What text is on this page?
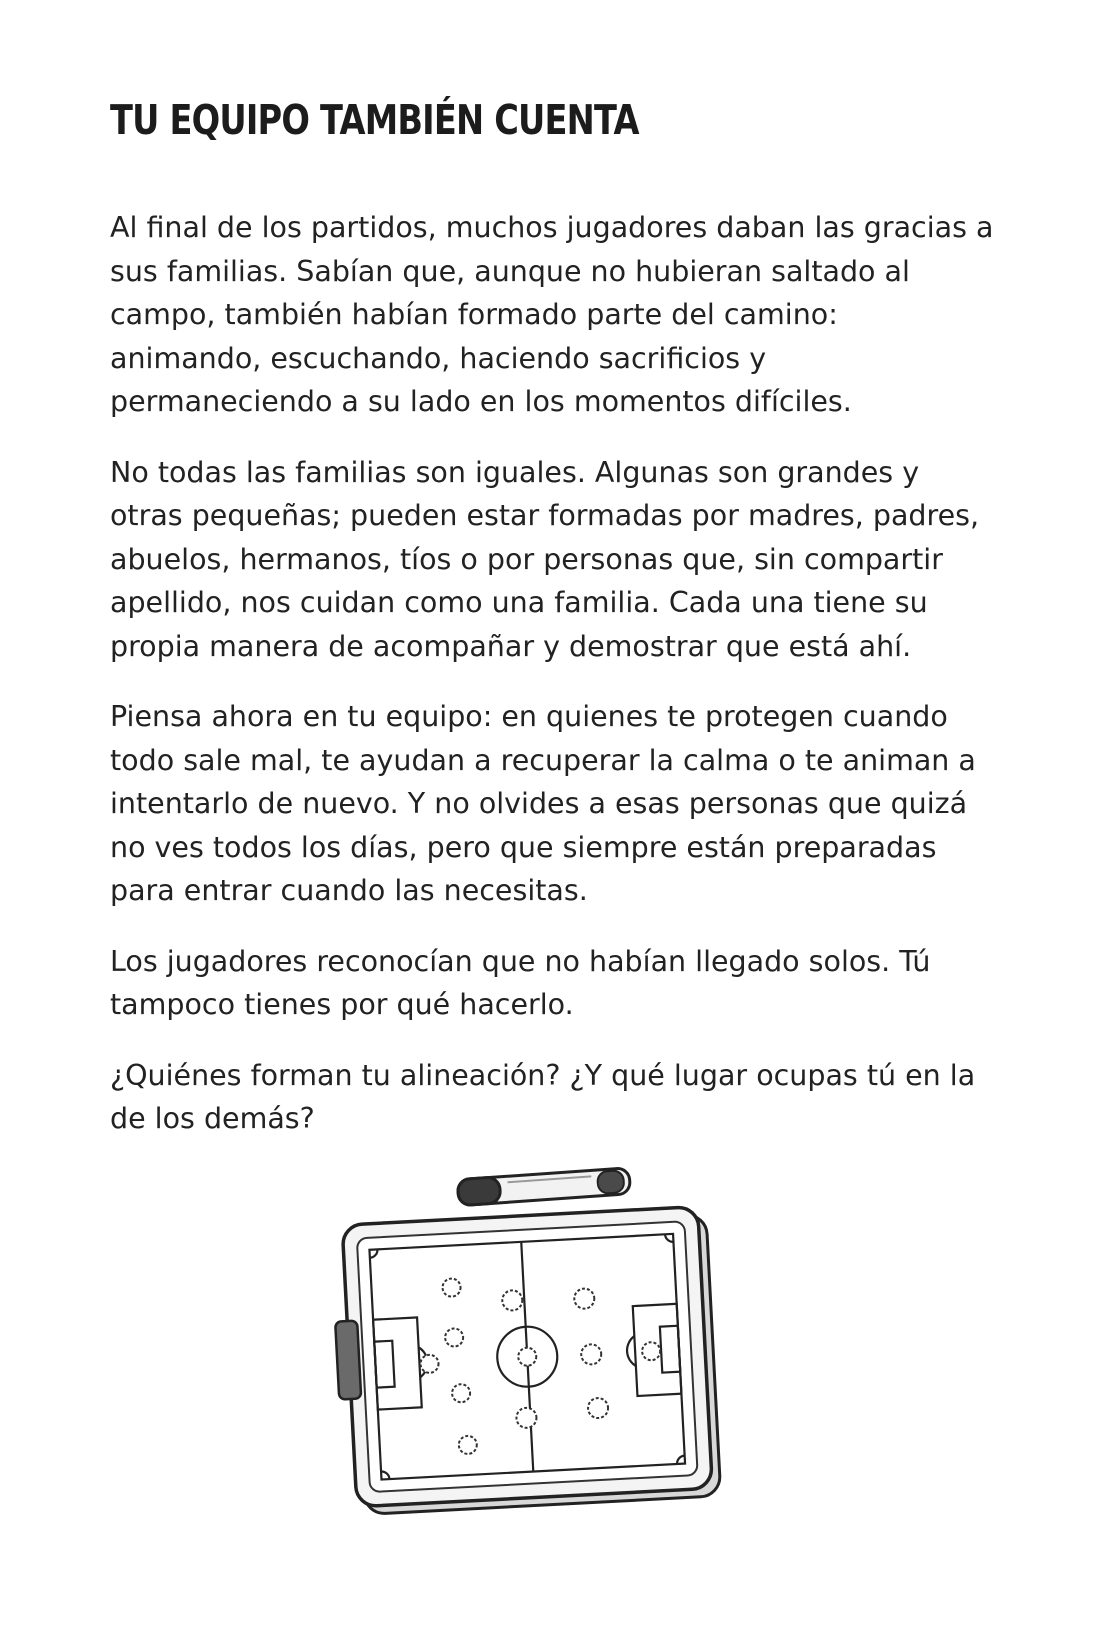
TU EQUIPO TAMBIÉN CUENTA

Al final de los partidos, muchos jugadores daban las gracias a sus familias. Sabían que, aunque no hubieran saltado al campo, también habían formado parte del camino: animando, escuchando, haciendo sacrificios y permaneciendo a su lado en los momentos difíciles.

No todas las familias son iguales. Algunas son grandes y otras pequeñas; pueden estar formadas por madres, padres, abuelos, hermanos, tíos o por personas que, sin compartir apellido, nos cuidan como una familia. Cada una tiene su propia manera de acompañar y demostrar que está ahí.

Piensa ahora en tu equipo: en quienes te protegen cuando todo sale mal, te ayudan a recuperar la calma o te animan a intentarlo de nuevo. Y no olvides a esas personas que quizá no ves todos los días, pero que siempre están preparadas para entrar cuando las necesitas.

Los jugadores reconocían que no habían llegado solos. Tú tampoco tienes por qué hacerlo.

¿Quiénes forman tu alineación? ¿Y qué lugar ocupas tú en la de los demás?
